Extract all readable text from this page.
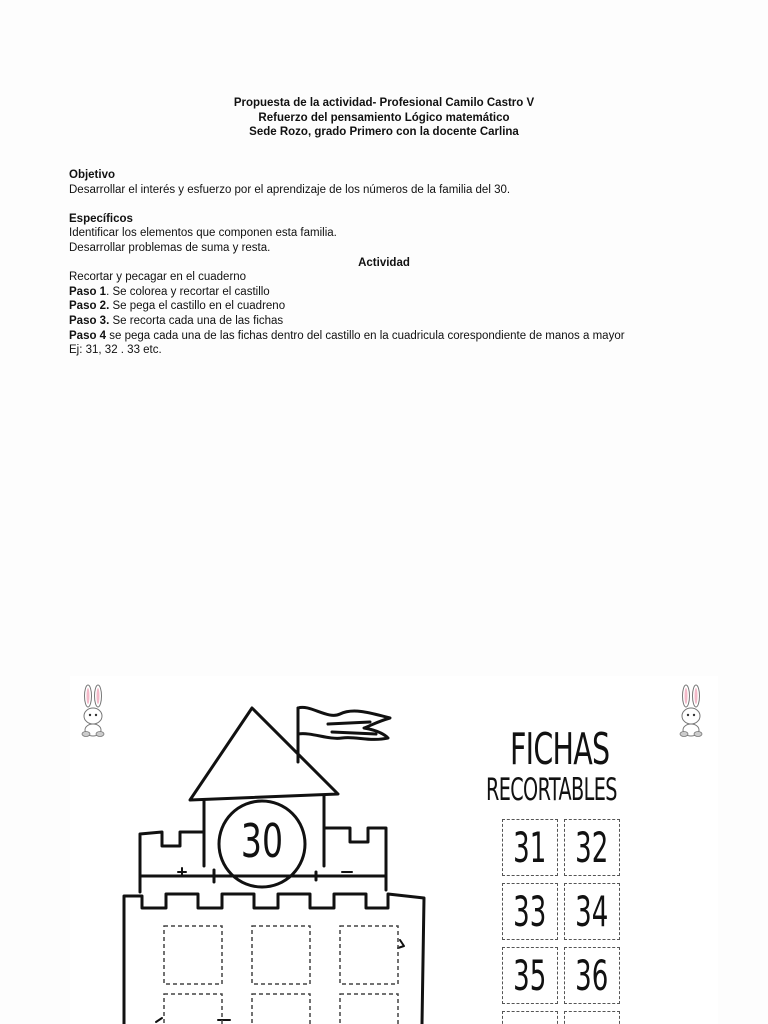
Propuesta de la actividad- Profesional Camilo Castro V
Refuerzo del pensamiento Lógico matemático
Sede Rozo, grado Primero con la docente Carlina
Objetivo
Desarrollar el interés y esfuerzo por el aprendizaje de los números de la familia del 30.
Específicos
Identificar los elementos que componen esta familia.
Desarrollar problemas de suma y resta.
Actividad
Recortar y pecagar en el cuaderno
Paso 1. Se colorea y recortar el castillo
Paso 2. Se pega el castillo en el cuadreno
Paso 3. Se recorta cada una de las fichas
Paso 4 se pega cada una de las fichas dentro del castillo en la cuadricula corespondiente de manos a mayor
Ej: 31, 32 . 33 etc.
30
FICHAS
RECORTABLES
31 32
33 34
35 36
